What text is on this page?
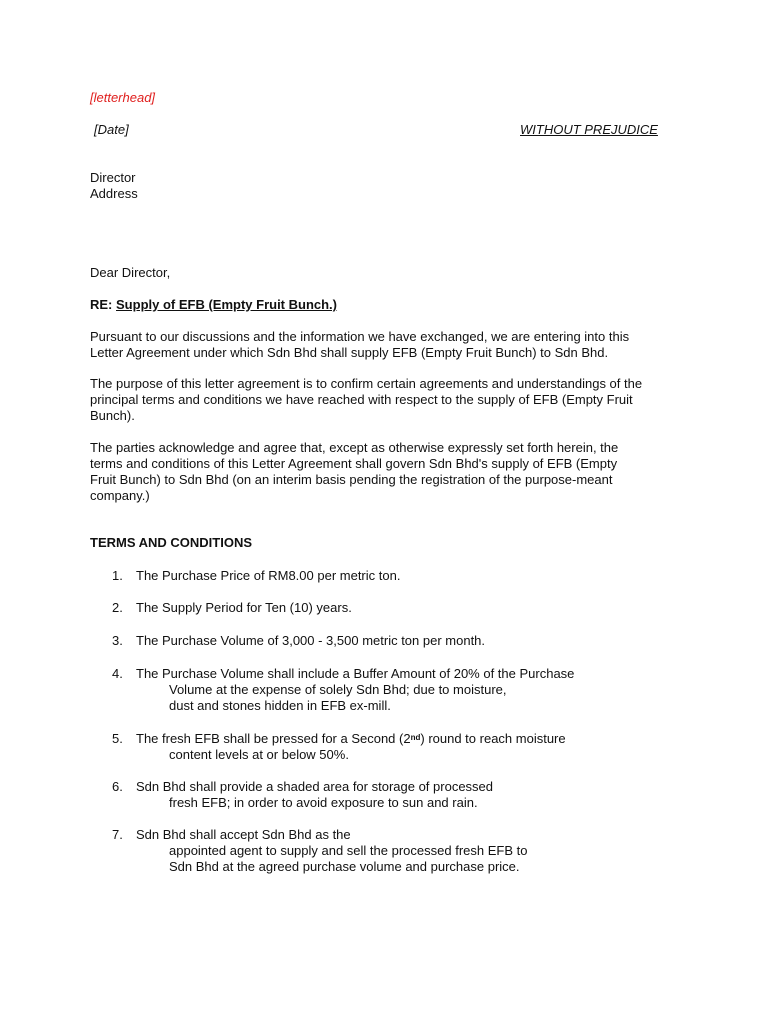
[letterhead]
[Date]	WITHOUT PREJUDICE
Director
Address
Dear Director,
RE: Supply of EFB (Empty Fruit Bunch.)
Pursuant to our discussions and the information we have exchanged, we are entering into this
Letter Agreement under which Sdn Bhd shall supply EFB (Empty Fruit Bunch) to Sdn Bhd.
The purpose of this letter agreement is to confirm certain agreements and understandings of the
principal terms and conditions we have reached with respect to the supply of EFB (Empty Fruit
Bunch).
The parties acknowledge and agree that, except as otherwise expressly set forth herein, the
terms and conditions of this Letter Agreement shall govern Sdn Bhd's supply of EFB (Empty
Fruit Bunch) to Sdn Bhd (on an interim basis pending the registration of the purpose-meant
company.)
TERMS AND CONDITIONS
1.	The Purchase Price of RM8.00 per metric ton.
2.	The Supply Period for Ten (10) years.
3.	The Purchase Volume of 3,000 - 3,500 metric ton per month.
4.	The Purchase Volume shall include a Buffer Amount of 20% of the Purchase
Volume at the expense of solely Sdn Bhd; due to moisture,
dust and stones hidden in EFB ex-mill.
5.	The fresh EFB shall be pressed for a Second (2nd) round to reach moisture
content levels at or below 50%.
6.	Sdn Bhd shall provide a shaded area for storage of processed
fresh EFB; in order to avoid exposure to sun and rain.
7.	Sdn Bhd shall accept Sdn Bhd as the
appointed agent to supply and sell the processed fresh EFB to
Sdn Bhd at the agreed purchase volume and purchase price.
